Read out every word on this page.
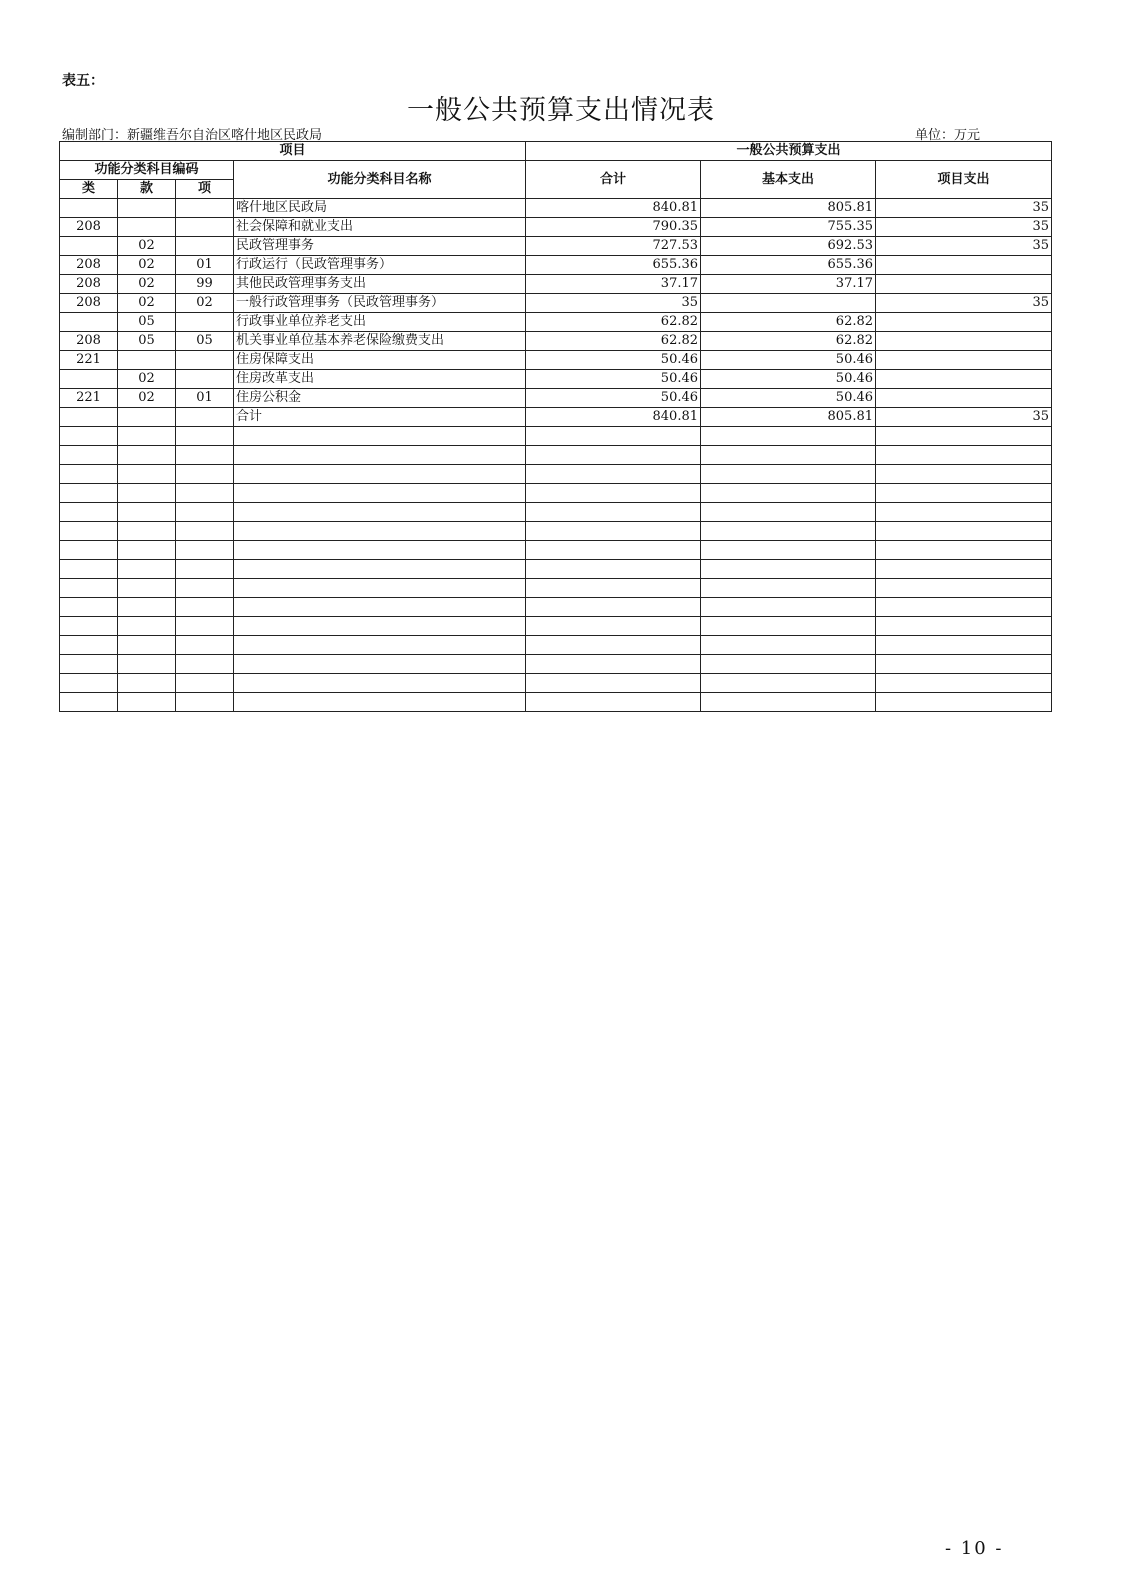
表五：
一般公共预算支出情况表
编制部门：新疆维吾尔自治区喀什地区民政局	单位：万元
项目				一般公共预算支出		
功能分类科目编码			功能分类科目名称	合计	基本支出	项目支出
类	款	项				
			喀什地区民政局	840.81	805.81	35
208			社会保障和就业支出	790.35	755.35	35
	02		民政管理事务	727.53	692.53	35
208	02	01	行政运行（民政管理事务）	655.36	655.36	
208	02	99	其他民政管理事务支出	37.17	37.17	
208	02	02	一般行政管理事务（民政管理事务）	35		35
	05		行政事业单位养老支出	62.82	62.82	
208	05	05	机关事业单位基本养老保险缴费支出	62.82	62.82	
221			住房保障支出	50.46	50.46	
	02		住房改革支出	50.46	50.46	
221	02	01	住房公积金	50.46	50.46	
			合计	840.81	805.81	35

- 10 -
